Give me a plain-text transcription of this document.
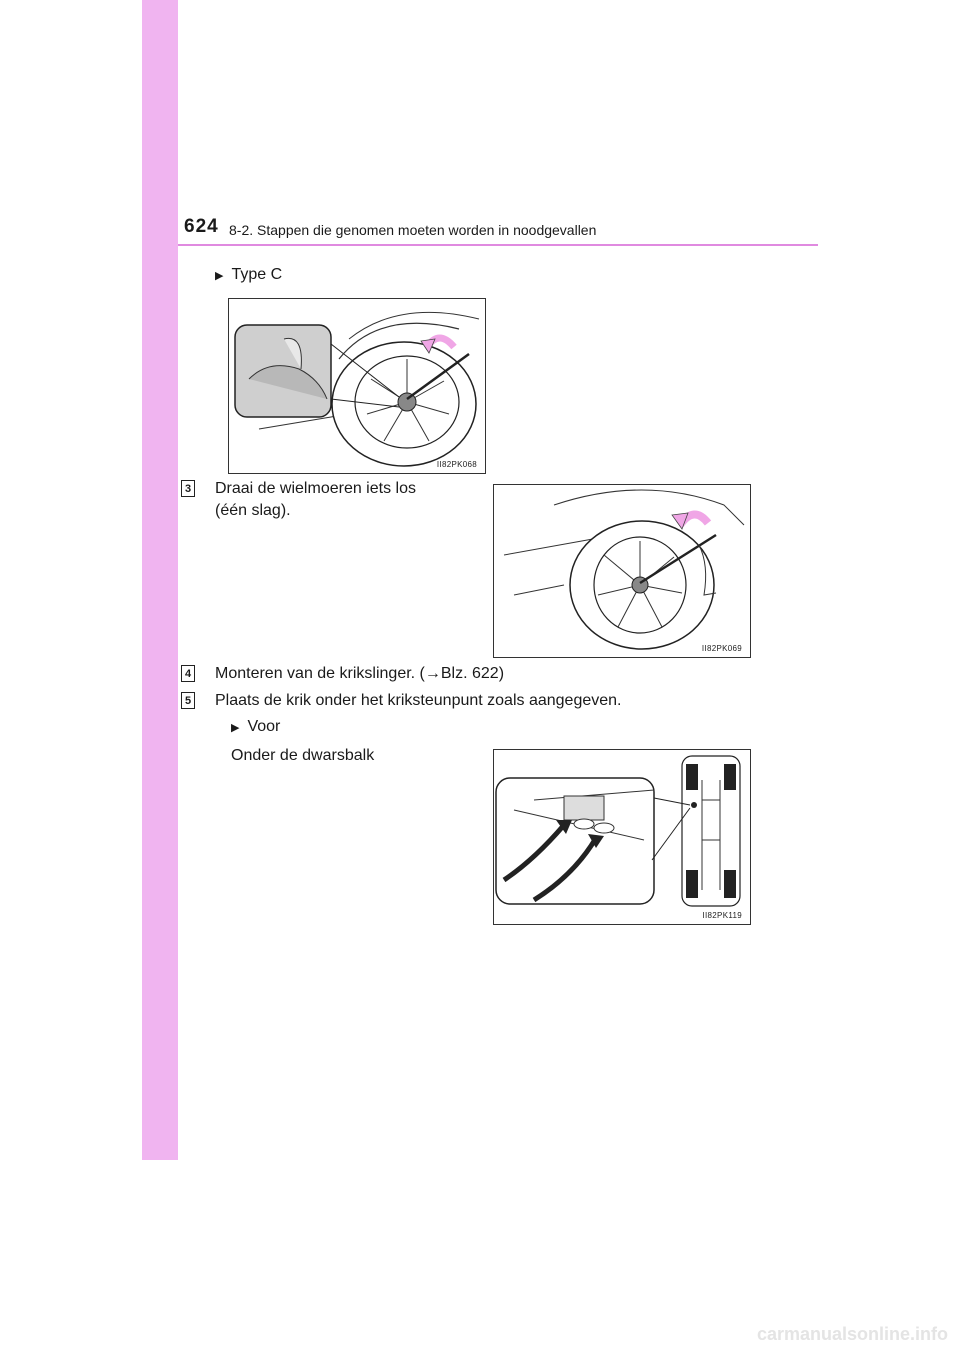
624 8-2. Stappen die genomen moeten worden in noodgevallen
▶ Type C
II82PK068
3 Draai de wielmoeren iets los
(één slag).
II82PK069
4 Monteren van de krikslinger. (→Blz. 622)
5 Plaats de krik onder het kriksteunpunt zoals aangegeven.
▶ Voor
Onder de dwarsbalk
II82PK119
carmanualsonline.info
